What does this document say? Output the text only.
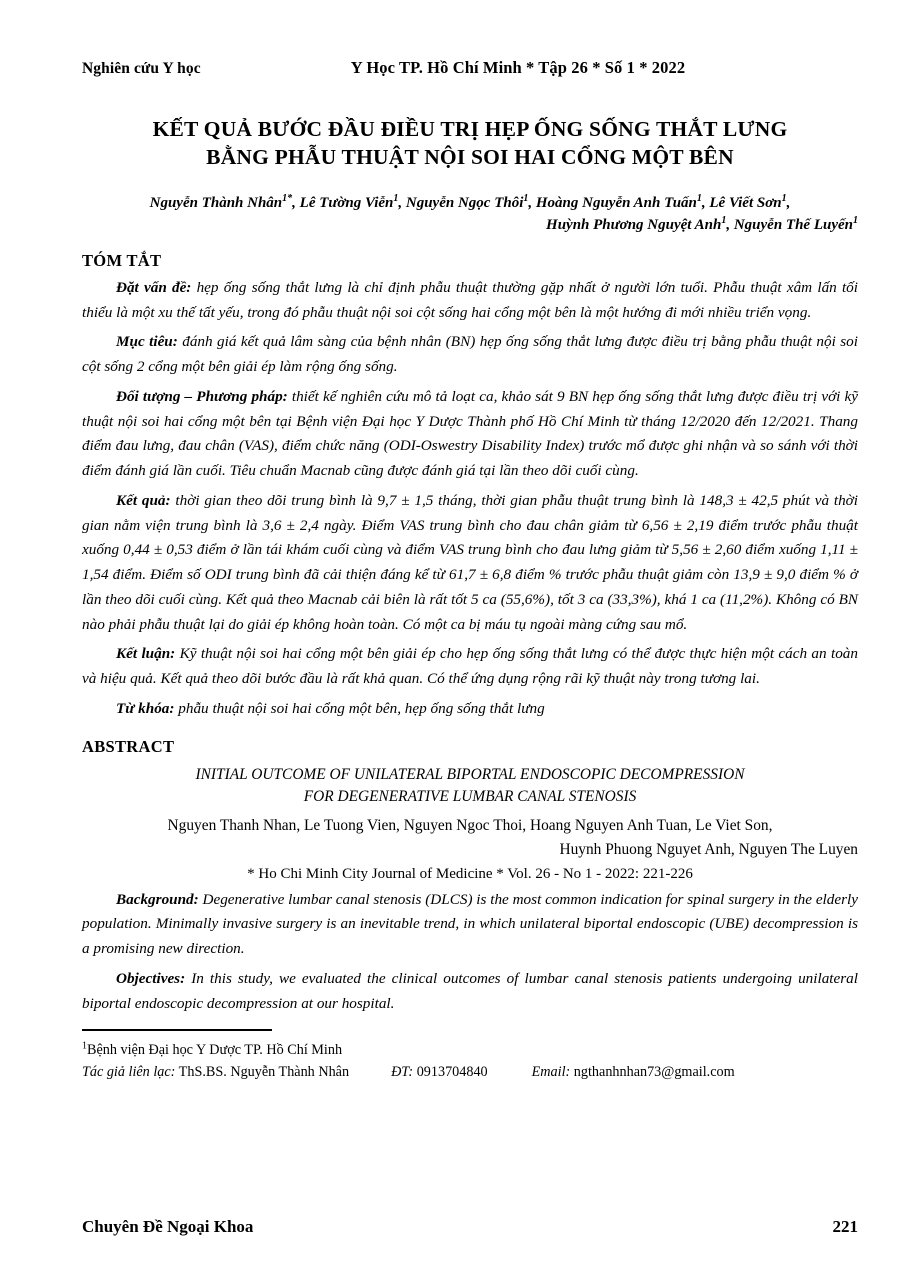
Nghiên cứu Y học	Y Học TP. Hồ Chí Minh * Tập 26 * Số 1 * 2022
KẾT QUẢ BƯỚC ĐẦU ĐIỀU TRỊ HẸP ỐNG SỐNG THẮT LƯNG
BẰNG PHẪU THUẬT NỘI SOI HAI CỔNG MỘT BÊN
Nguyễn Thành Nhân$^{1*}$, Lê Tường Viễn$^1$, Nguyễn Ngọc Thôi$^1$, Hoàng Nguyễn Anh Tuấn$^1$, Lê Viết Sơn$^1$,
Huỳnh Phương Nguyệt Anh$^1$, Nguyễn Thế Luyến$^1$
TÓM TẮT

Đặt vấn đề: hẹp ống sống thắt lưng là chỉ định phẫu thuật thường gặp nhất ở người lớn tuổi. Phẫu thuật xâm lấn tối thiểu là một xu thế tất yếu, trong đó phẫu thuật nội soi cột sống hai cổng một bên là một hướng đi mới nhiều triển vọng.

Mục tiêu: đánh giá kết quả lâm sàng của bệnh nhân (BN) hẹp ống sống thắt lưng được điều trị bằng phẫu thuật nội soi cột sống 2 cổng một bên giải ép làm rộng ống sống.

Đối tượng – Phương pháp: thiết kế nghiên cứu mô tả loạt ca, khảo sát 9 BN hẹp ống sống thắt lưng được điều trị với kỹ thuật nội soi hai cổng một bên tại Bệnh viện Đại học Y Dược Thành phố Hồ Chí Minh từ tháng 12/2020 đến 12/2021. Thang điểm đau lưng, đau chân (VAS), điểm chức năng (ODI-Oswestry Disability Index) trước mổ được ghi nhận và so sánh với thời điểm đánh giá lần cuối. Tiêu chuẩn Macnab cũng được đánh giá tại lần theo dõi cuối cùng.

Kết quả: thời gian theo dõi trung bình là 9,7 ± 1,5 tháng, thời gian phẫu thuật trung bình là 148,3 ± 42,5 phút và thời gian nằm viện trung bình là 3,6 ± 2,4 ngày. Điểm VAS trung bình cho đau chân giảm từ 6,56 ± 2,19 điểm trước phẫu thuật xuống 0,44 ± 0,53 điểm ở lần tái khám cuối cùng và điểm VAS trung bình cho đau lưng giảm từ 5,56 ± 2,60 điểm xuống 1,11 ± 1,54 điểm. Điểm số ODI trung bình đã cải thiện đáng kể từ 61,7 ± 6,8 điểm % trước phẫu thuật giảm còn 13,9 ± 9,0 điểm % ở lần theo dõi cuối cùng. Kết quả theo Macnab cải biên là rất tốt 5 ca (55,6%), tốt 3 ca (33,3%), khá 1 ca (11,2%). Không có BN nào phải phẫu thuật lại do giải ép không hoàn toàn. Có một ca bị máu tụ ngoài màng cứng sau mổ.

Kết luận: Kỹ thuật nội soi hai cổng một bên giải ép cho hẹp ống sống thắt lưng có thể được thực hiện một cách an toàn và hiệu quả. Kết quả theo dõi bước đầu là rất khả quan. Có thể ứng dụng rộng rãi kỹ thuật này trong tương lai.

Từ khóa: phẫu thuật nội soi hai cổng một bên, hẹp ống sống thắt lưng

ABSTRACT
INITIAL OUTCOME OF UNILATERAL BIPORTAL ENDOSCOPIC DECOMPRESSION
FOR DEGENERATIVE LUMBAR CANAL STENOSIS
Nguyen Thanh Nhan, Le Tuong Vien, Nguyen Ngoc Thoi, Hoang Nguyen Anh Tuan, Le Viet Son,
Huynh Phuong Nguyet Anh, Nguyen The Luyen
* Ho Chi Minh City Journal of Medicine * Vol. 26 - No 1 - 2022: 221-226

Background: Degenerative lumbar canal stenosis (DLCS) is the most common indication for spinal surgery in the elderly population. Minimally invasive surgery is an inevitable trend, in which unilateral biportal endoscopic (UBE) decompression is a promising new direction.

Objectives: In this study, we evaluated the clinical outcomes of lumbar canal stenosis patients undergoing unilateral biportal endoscopic decompression at our hospital.

$^1$Bệnh viện Đại học Y Dược TP. Hồ Chí Minh
Tác giả liên lạc: ThS.BS. Nguyễn Thành Nhân	ĐT: 0913704840	Email: ngthanhnhan73@gmail.com
Chuyên Đề Ngoại Khoa	221
